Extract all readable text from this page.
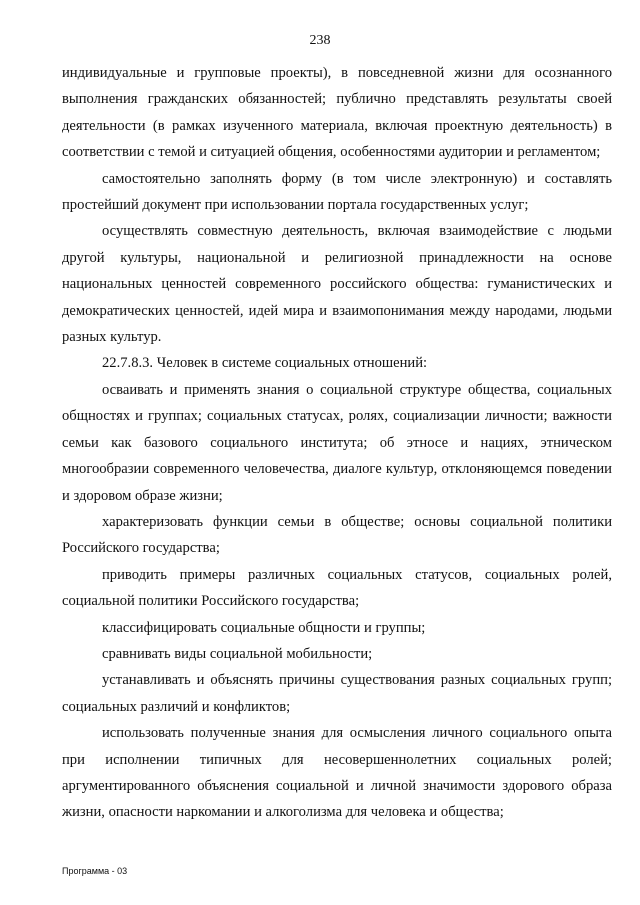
238

индивидуальные и групповые проекты), в повседневной жизни для осознанного выполнения гражданских обязанностей; публично представлять результаты своей деятельности (в рамках изученного материала, включая проектную деятельность) в соответствии с темой и ситуацией общения, особенностями аудитории и регламентом;

самостоятельно заполнять форму (в том числе электронную) и составлять простейший документ при использовании портала государственных услуг;

осуществлять совместную деятельность, включая взаимодействие с людьми другой культуры, национальной и религиозной принадлежности на основе национальных ценностей современного российского общества: гуманистических и демократических ценностей, идей мира и взаимопонимания между народами, людьми разных культур.

22.7.8.3. Человек в системе социальных отношений:

осваивать и применять знания о социальной структуре общества, социальных общностях и группах; социальных статусах, ролях, социализации личности; важности семьи как базового социального института; об этносе и нациях, этническом многообразии современного человечества, диалоге культур, отклоняющемся поведении и здоровом образе жизни;

характеризовать функции семьи в обществе; основы социальной политики Российского государства;

приводить примеры различных социальных статусов, социальных ролей, социальной политики Российского государства;

классифицировать социальные общности и группы;

сравнивать виды социальной мобильности;

устанавливать и объяснять причины существования разных социальных групп; социальных различий и конфликтов;

использовать полученные знания для осмысления личного социального опыта при исполнении типичных для несовершеннолетних социальных ролей; аргументированного объяснения социальной и личной значимости здорового образа жизни, опасности наркомании и алкоголизма для человека и общества;

Программа - 03
